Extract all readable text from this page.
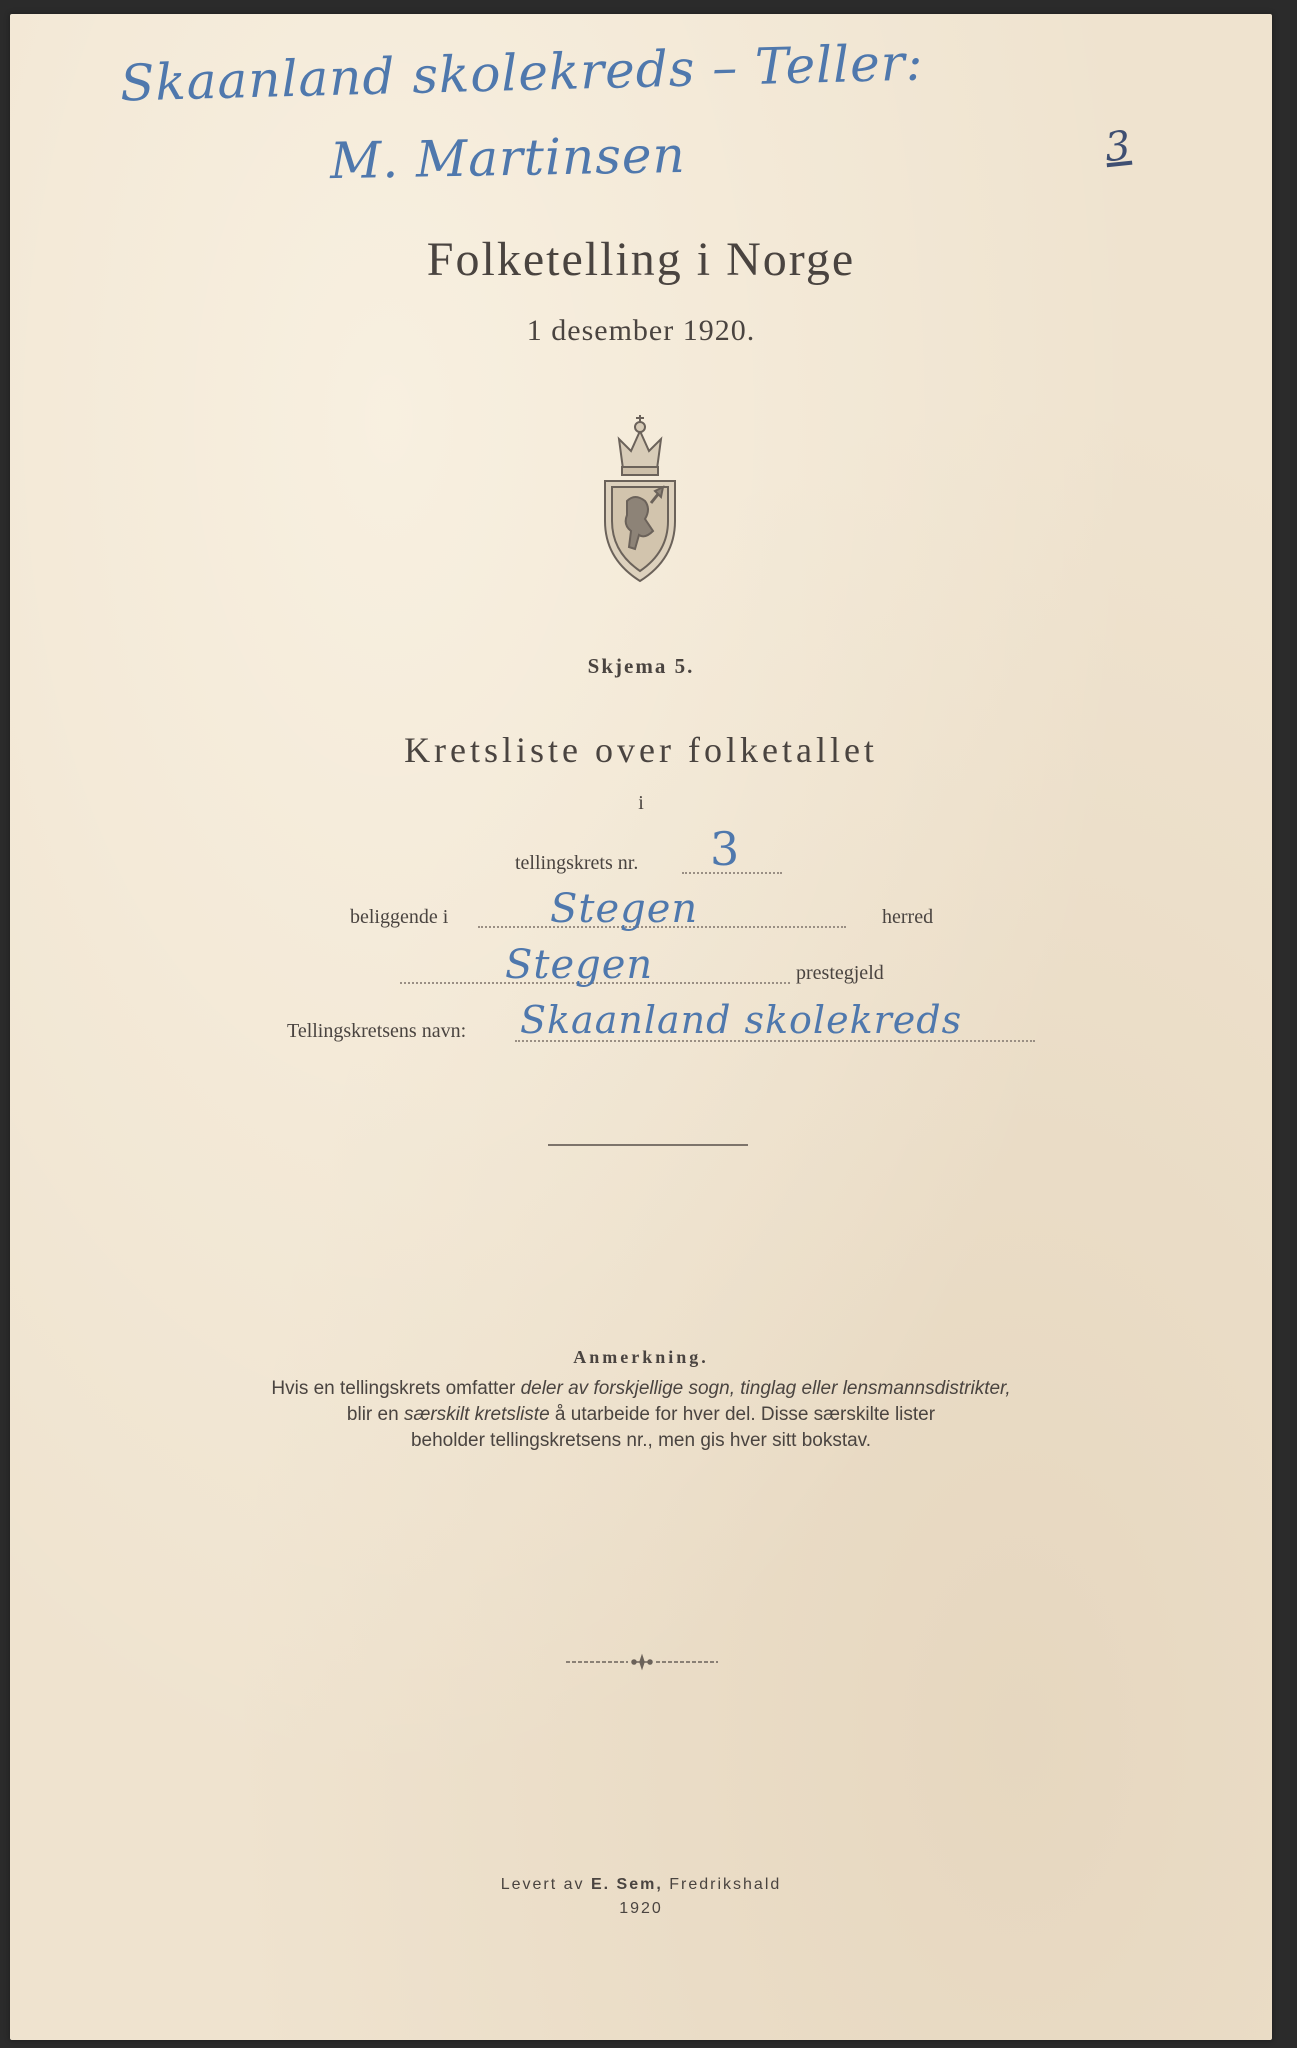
Skaanland skolekreds – Teller:
M. Martinsen	3
Folketelling i Norge
1 desember 1920.
Skjema 5.
Kretsliste over folketallet
i
tellingskrets nr. 3
beliggende i	Stegen	herred
Stegen	prestegjeld
Tellingskretsens navn: Skaanland skolekreds
Anmerkning.
Hvis en tellingskrets omfatter deler av forskjellige sogn, tinglag eller lensmannsdistrikter,
blir en særskilt kretsliste å utarbeide for hver del. Disse særskilte lister
beholder tellingskretsens nr., men gis hver sitt bokstav.
Levert av E. Sem, Fredrikshald
1920
